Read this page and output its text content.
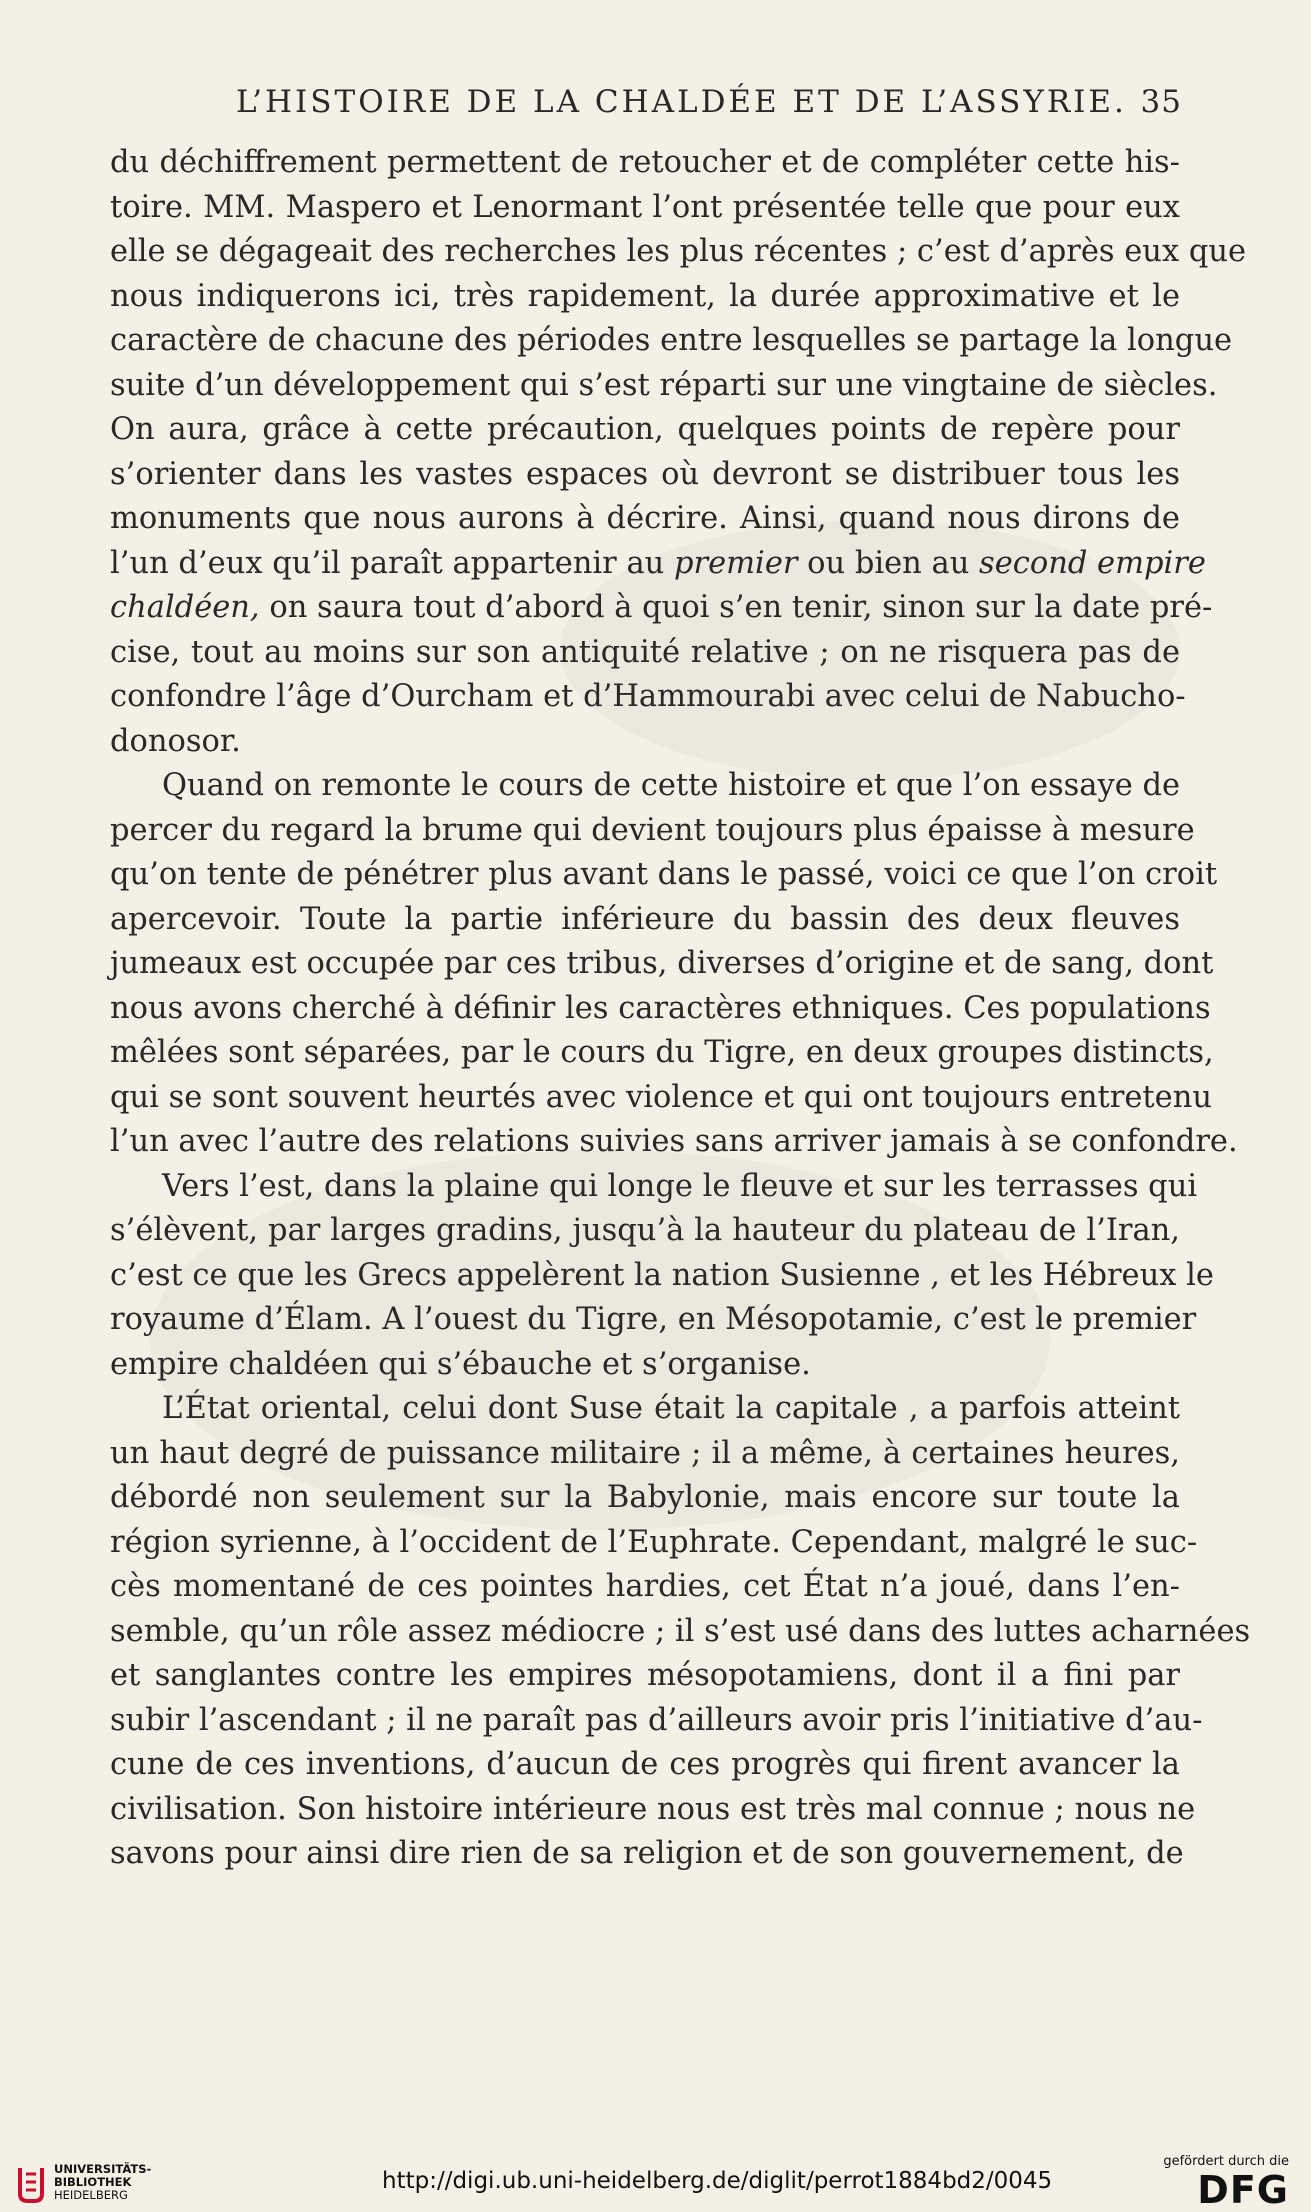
L’HISTOIRE DE LA CHALDÉE ET DE L’ASSYRIE. 35
du déchiffrement permettent de retoucher et de compléter cette his-
toire. MM. Maspero et Lenormant l’ont présentée telle que pour eux
elle se dégageait des recherches les plus récentes ; c’est d’après eux que
nous indiquerons ici, très rapidement, la durée approximative et le
caractère de chacune des périodes entre lesquelles se partage la longue
suite d’un développement qui s’est réparti sur une vingtaine de siècles.
On aura, grâce à cette précaution, quelques points de repère pour
s’orienter dans les vastes espaces où devront se distribuer tous les
monuments que nous aurons à décrire. Ainsi, quand nous dirons de
l’un d’eux qu’il paraît appartenir au premier ou bien au second empire
chaldéen, on saura tout d’abord à quoi s’en tenir, sinon sur la date pré-
cise, tout au moins sur son antiquité relative ; on ne risquera pas de
confondre l’âge d’Ourcham et d’Hammourabi avec celui de Nabucho-
donosor.
Quand on remonte le cours de cette histoire et que l’on essaye de
percer du regard la brume qui devient toujours plus épaisse à mesure
qu’on tente de pénétrer plus avant dans le passé, voici ce que l’on croit
apercevoir. Toute la partie inférieure du bassin des deux fleuves
jumeaux est occupée par ces tribus, diverses d’origine et de sang, dont
nous avons cherché à définir les caractères ethniques. Ces populations
mêlées sont séparées, par le cours du Tigre, en deux groupes distincts,
qui se sont souvent heurtés avec violence et qui ont toujours entretenu
l’un avec l’autre des relations suivies sans arriver jamais à se confondre.
Vers l’est, dans la plaine qui longe le fleuve et sur les terrasses qui
s’élèvent, par larges gradins, jusqu’à la hauteur du plateau de l’Iran,
c’est ce que les Grecs appelèrent la nation Susienne , et les Hébreux le
royaume d’Élam. A l’ouest du Tigre, en Mésopotamie, c’est le premier
empire chaldéen qui s’ébauche et s’organise.
L’État oriental, celui dont Suse était la capitale , a parfois atteint
un haut degré de puissance militaire ; il a même, à certaines heures,
débordé non seulement sur la Babylonie, mais encore sur toute la
région syrienne, à l’occident de l’Euphrate. Cependant, malgré le suc-
cès momentané de ces pointes hardies, cet État n’a joué, dans l’en-
semble, qu’un rôle assez médiocre ; il s’est usé dans des luttes acharnées
et sanglantes contre les empires mésopotamiens, dont il a fini par
subir l’ascendant ; il ne paraît pas d’ailleurs avoir pris l’initiative d’au-
cune de ces inventions, d’aucun de ces progrès qui firent avancer la
civilisation. Son histoire intérieure nous est très mal connue ; nous ne
savons pour ainsi dire rien de sa religion et de son gouvernement, de
UNIVERSITÄTS-
BIBLIOTHEK
HEIDELBERG
http://digi.ub.uni-heidelberg.de/diglit/perrot1884bd2/0045
gefördert durch die
DFG
